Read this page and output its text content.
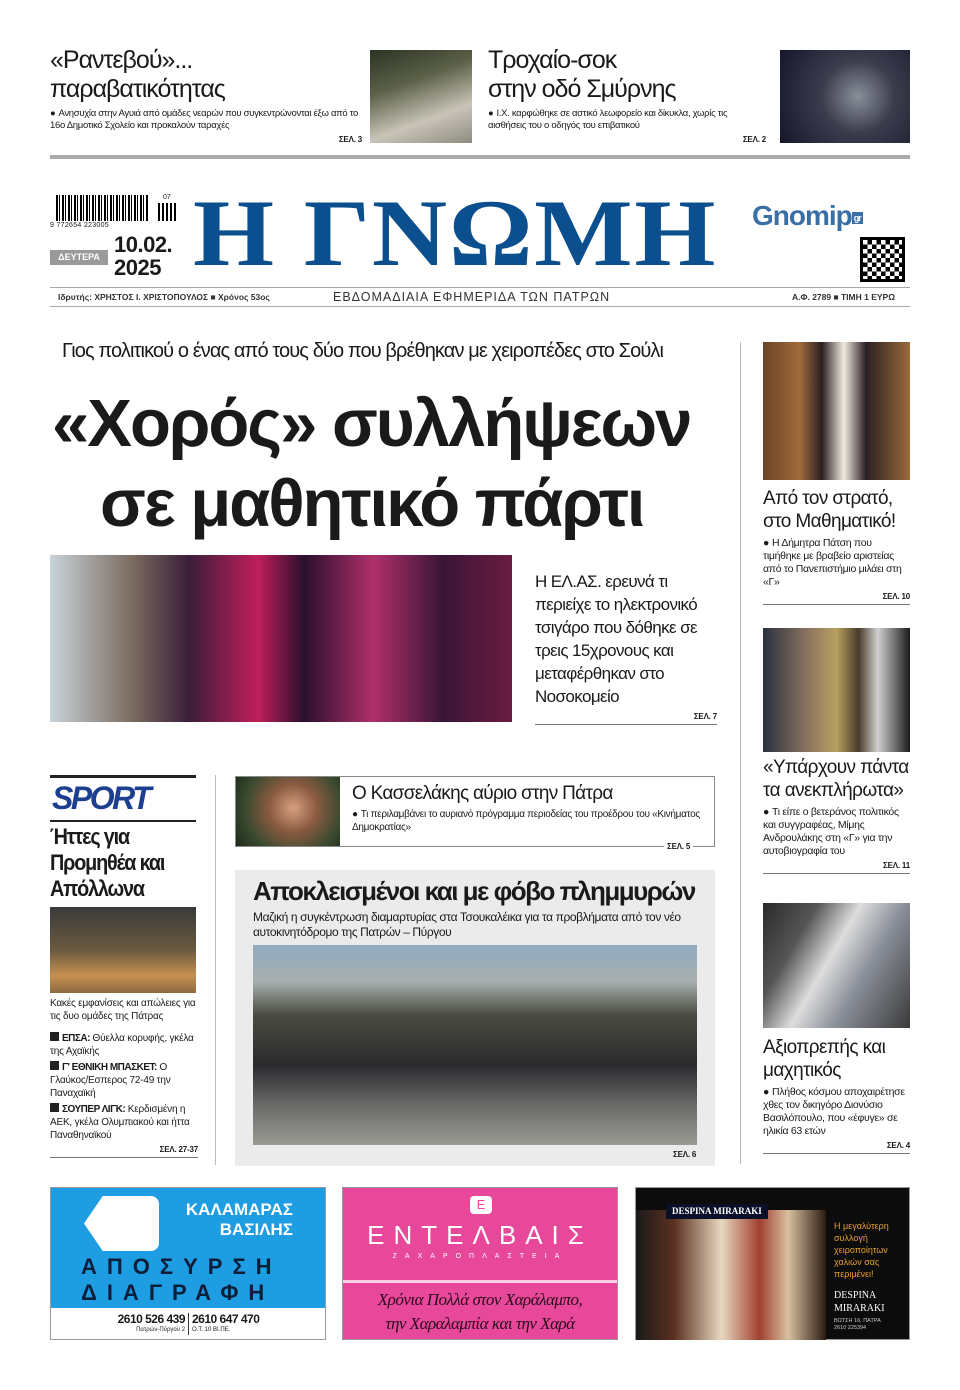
«Ραντεβού»...
παραβατικότητας
● Ανησυχία στην Αγυιά από ομάδες νεαρών που συγκεντρώνονται έξω από το 16ο Δημοτικό Σχολείο και προκαλούν ταραχές
ΣΕΛ. 3
Τροχαίο-σοκ
στην οδό Σμύρνης
● Ι.Χ. καρφώθηκε σε αστικό λεωφορείο και δίκυκλα, χωρίς τις αισθήσεις του ο οδηγός του επιβατικού
ΣΕΛ. 2
07
9 772654 223005
ΔΕΥΤΕΡΑ 10.02.
2025 Η ΓΝΩΜΗ Gnomip gr
Ιδρυτής: ΧΡΗΣΤΟΣ Ι. ΧΡΙΣΤΟΠΟΥΛΟΣ ■ Χρόνος 53ος	ΕΒΔΟΜΑΔΙΑΙΑ ΕΦΗΜΕΡΙΔΑ ΤΩΝ ΠΑΤΡΩΝ	Α.Φ. 2789 ■ ΤΙΜΗ 1 ΕΥΡΩ
Γιος πολιτικού ο ένας από τους δύο που βρέθηκαν με χειροπέδες στο Σούλι
«Χορός» συλλήψεων
σε μαθητικό πάρτι
Η ΕΛ.ΑΣ. ερευνά τι περιείχε το ηλεκτρονικό τσιγάρο που δόθηκε σε τρεις 15χρονους και μεταφέρθηκαν στο Νοσοκομείο
ΣΕΛ. 7
Από τον στρατό, στο Μαθηματικό!
● Η Δήμητρα Πάτση που τιμήθηκε με βραβείο αριστείας από το Πανεπιστήμιο μιλάει στη «Γ»
ΣΕΛ. 10
«Υπάρχουν πάντα τα ανεκπλήρωτα»
● Τι είπε ο βετεράνος πολιτικός και συγγραφέας, Μίμης Ανδρουλάκης στη «Γ» για την αυτοβιογραφία του
ΣΕΛ. 11
Αξιοπρεπής και μαχητικός
● Πλήθος κόσμου αποχαιρέτησε χθες τον δικηγόρο Διονύσιο Βασιλόπουλο, που «έφυγε» σε ηλικία 63 ετών
ΣΕΛ. 4
SPORT
Ήττες για Προμηθέα και Απόλλωνα
Κακές εμφανίσεις και απώλειες για τις δυο ομάδες της Πάτρας
ΕΠΣΑ: Θύελλα κορυφής, γκέλα της Αχαϊκής
Γ' ΕΘΝΙΚΗ ΜΠΑΣΚΕΤ: Ο Γλαύκος/Εσπερος 72-49 την Παναχαϊκή
ΣΟΥΠΕΡ ΛΙΓΚ: Κερδισμένη η ΑΕΚ, γκέλα Ολυμπιακού και ήττα Παναθηναϊκού
ΣΕΛ. 27-37
Ο Κασσελάκης αύριο στην Πάτρα
● Τι περιλαμβάνει το αυριανό πρόγραμμα περιοδείας του προέδρου του «Κινήματος Δημοκρατίας»
ΣΕΛ. 5
Αποκλεισμένοι και με φόβο πλημμυρών
Μαζική η συγκέντρωση διαμαρτυρίας στα Τσουκαλέικα για τα προβλήματα από τον νέο αυτοκινητόδρομο της Πατρών – Πύργου
ΣΕΛ. 6
ΚΑΛΑΜΑΡΑΣ
ΒΑΣΙΛΗΣ
ΑΠΟΣΥΡΣΗ
ΔΙΑΓΡΑΦΗ
2610 526 439
Πατρών-Πύργου 2
2610 647 470
Ο.Τ. 10 ΒΙ.ΠΕ.
Ε
ΕΝΤΕΛΒΑΙΣ
ΖΑΧΑΡΟΠΛΑΣΤΕΙΑ
Χρόνια Πολλά στον Χαράλαμπο,
την Χαραλαμπία και την Χαρά
DESPINA MIRARAKI
Η μεγαλύτερη συλλογή χειροποίητων χαλιών σας περιμένει!
DESPINA
MIRARAKI
ΒΩΤΣΗ 16, ΠΑΤΡΑ
2610 225394
